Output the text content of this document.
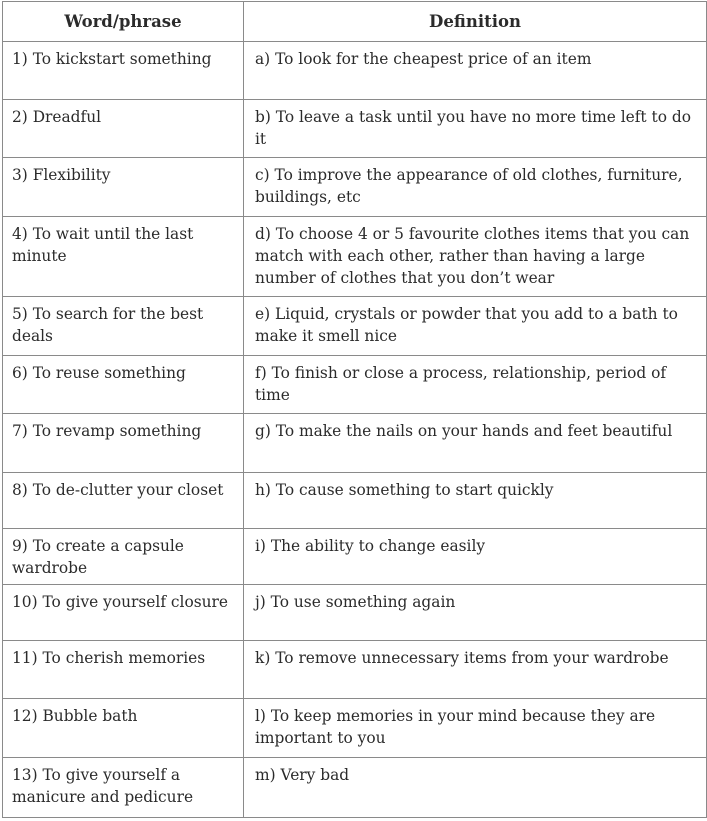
Word/phrase	Definition
1) To kickstart something	a) To look for the cheapest price of an item
2) Dreadful	b) To leave a task until you have no more time left to do it
3) Flexibility	c) To improve the appearance of old clothes, furniture, buildings, etc
4) To wait until the last minute	d) To choose 4 or 5 favourite clothes items that you can match with each other, rather than having a large number of clothes that you don’t wear
5) To search for the best deals	e) Liquid, crystals or powder that you add to a bath to make it smell nice
6) To reuse something	f) To finish or close a process, relationship, period of time
7) To revamp something	g) To make the nails on your hands and feet beautiful
8) To de-clutter your closet	h) To cause something to start quickly
9) To create a capsule wardrobe	i) The ability to change easily
10) To give yourself closure	j) To use something again
11) To cherish memories	k) To remove unnecessary items from your wardrobe
12) Bubble bath	l) To keep memories in your mind because they are important to you
13) To give yourself a manicure and pedicure	m) Very bad
